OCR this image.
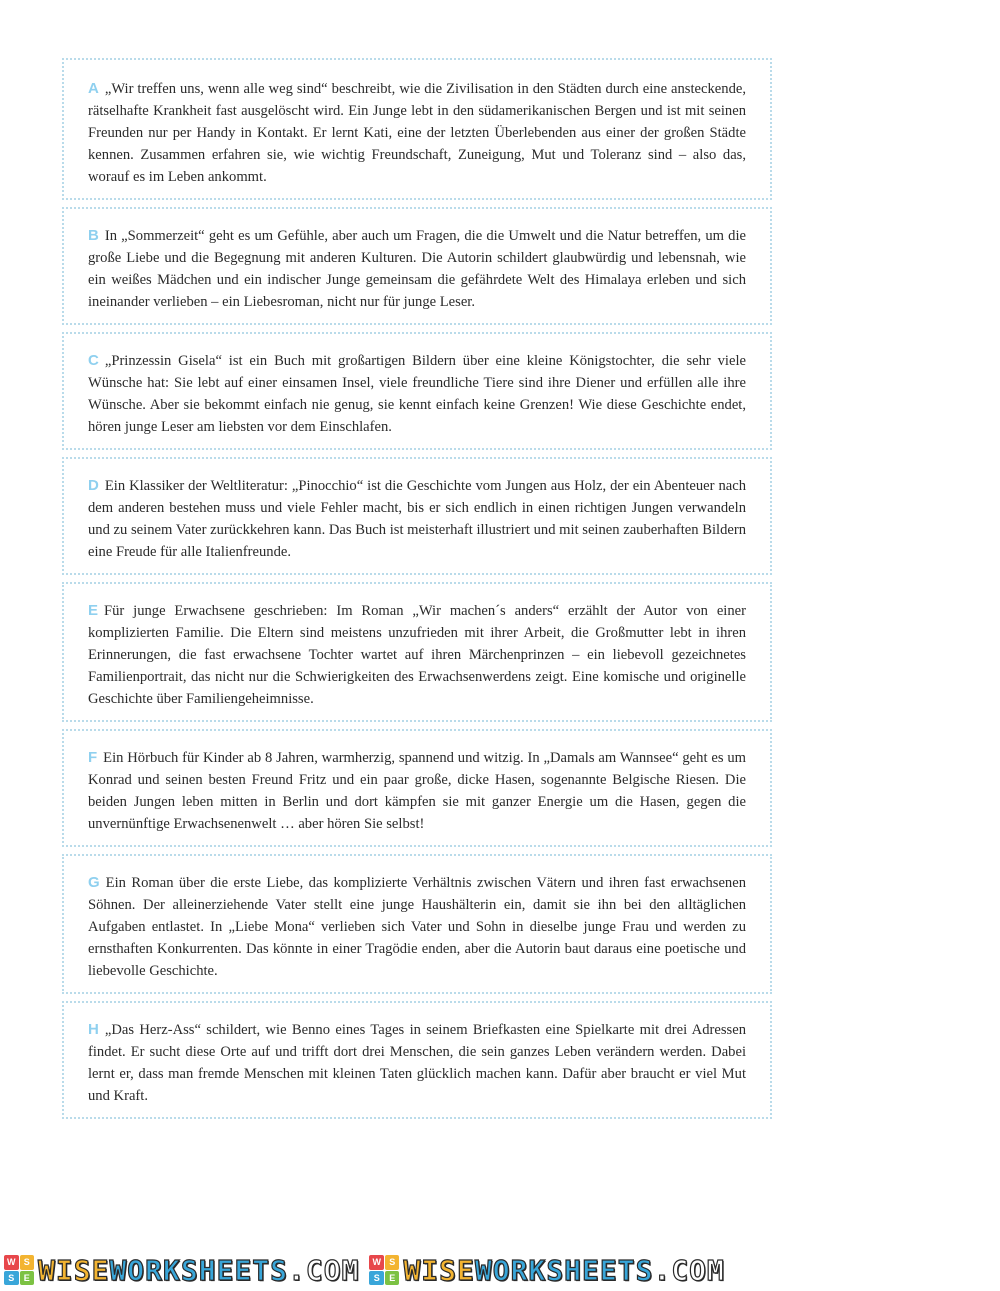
A „Wir treffen uns, wenn alle weg sind“ beschreibt, wie die Zivilisation in den Städten durch eine ansteckende, rätselhafte Krankheit fast ausgelöscht wird. Ein Junge lebt in den südamerikanischen Bergen und ist mit seinen Freunden nur per Handy in Kontakt. Er lernt Kati, eine der letzten Überlebenden aus einer der großen Städte kennen. Zusammen erfahren sie, wie wichtig Freundschaft, Zuneigung, Mut und Toleranz sind – also das, worauf es im Leben ankommt.
B In „Sommerzeit“ geht es um Gefühle, aber auch um Fragen, die die Umwelt und die Natur betreffen, um die große Liebe und die Begegnung mit anderen Kulturen. Die Autorin schildert glaubwürdig und lebensnah, wie ein weißes Mädchen und ein indischer Junge gemeinsam die gefährdete Welt des Himalaya erleben und sich ineinander verlieben – ein Liebesroman, nicht nur für junge Leser.
C „Prinzessin Gisela“ ist ein Buch mit großartigen Bildern über eine kleine Königstochter, die sehr viele Wünsche hat: Sie lebt auf einer einsamen Insel, viele freundliche Tiere sind ihre Diener und erfüllen alle ihre Wünsche. Aber sie bekommt einfach nie genug, sie kennt einfach keine Grenzen! Wie diese Geschichte endet, hören junge Leser am liebsten vor dem Einschlafen.
D Ein Klassiker der Weltliteratur: „Pinocchio“ ist die Geschichte vom Jungen aus Holz, der ein Abenteuer nach dem anderen bestehen muss und viele Fehler macht, bis er sich endlich in einen richtigen Jungen verwandeln und zu seinem Vater zurückkehren kann. Das Buch ist meisterhaft illustriert und mit seinen zauberhaften Bildern eine Freude für alle Italienfreunde.
E Für junge Erwachsene geschrieben: Im Roman „Wir machen´s anders“ erzählt der Autor von einer komplizierten Familie. Die Eltern sind meistens unzufrieden mit ihrer Arbeit, die Großmutter lebt in ihren Erinnerungen, die fast erwachsene Tochter wartet auf ihren Märchenprinzen – ein liebevoll gezeichnetes Familienportrait, das nicht nur die Schwierigkeiten des Erwachsenwerdens zeigt. Eine komische und originelle Geschichte über Familiengeheimnisse.
F Ein Hörbuch für Kinder ab 8 Jahren, warmherzig, spannend und witzig. In „Damals am Wannsee“ geht es um Konrad und seinen besten Freund Fritz und ein paar große, dicke Hasen, sogenannte Belgische Riesen. Die beiden Jungen leben mitten in Berlin und dort kämpfen sie mit ganzer Energie um die Hasen, gegen die unvernünftige Erwachsenenwelt … aber hören Sie selbst!
G Ein Roman über die erste Liebe, das komplizierte Verhältnis zwischen Vätern und ihren fast erwachsenen Söhnen. Der alleinerziehende Vater stellt eine junge Haushälterin ein, damit sie ihn bei den alltäglichen Aufgaben entlastet. In „Liebe Mona“ verlieben sich Vater und Sohn in dieselbe junge Frau und werden zu ernsthaften Konkurrenten. Das könnte in einer Tragödie enden, aber die Autorin baut daraus eine poetische und liebevolle Geschichte.
H „Das Herz-Ass“ schildert, wie Benno eines Tages in seinem Briefkasten eine Spielkarte mit drei Adressen findet. Er sucht diese Orte auf und trifft dort drei Menschen, die sein ganzes Leben verändern werden. Dabei lernt er, dass man fremde Menschen mit kleinen Taten glücklich machen kann. Dafür aber braucht er viel Mut und Kraft.
W S
S	E WISEWORKSHEETS.COM	W S
S	E WISEWORKSHEETS.COM
